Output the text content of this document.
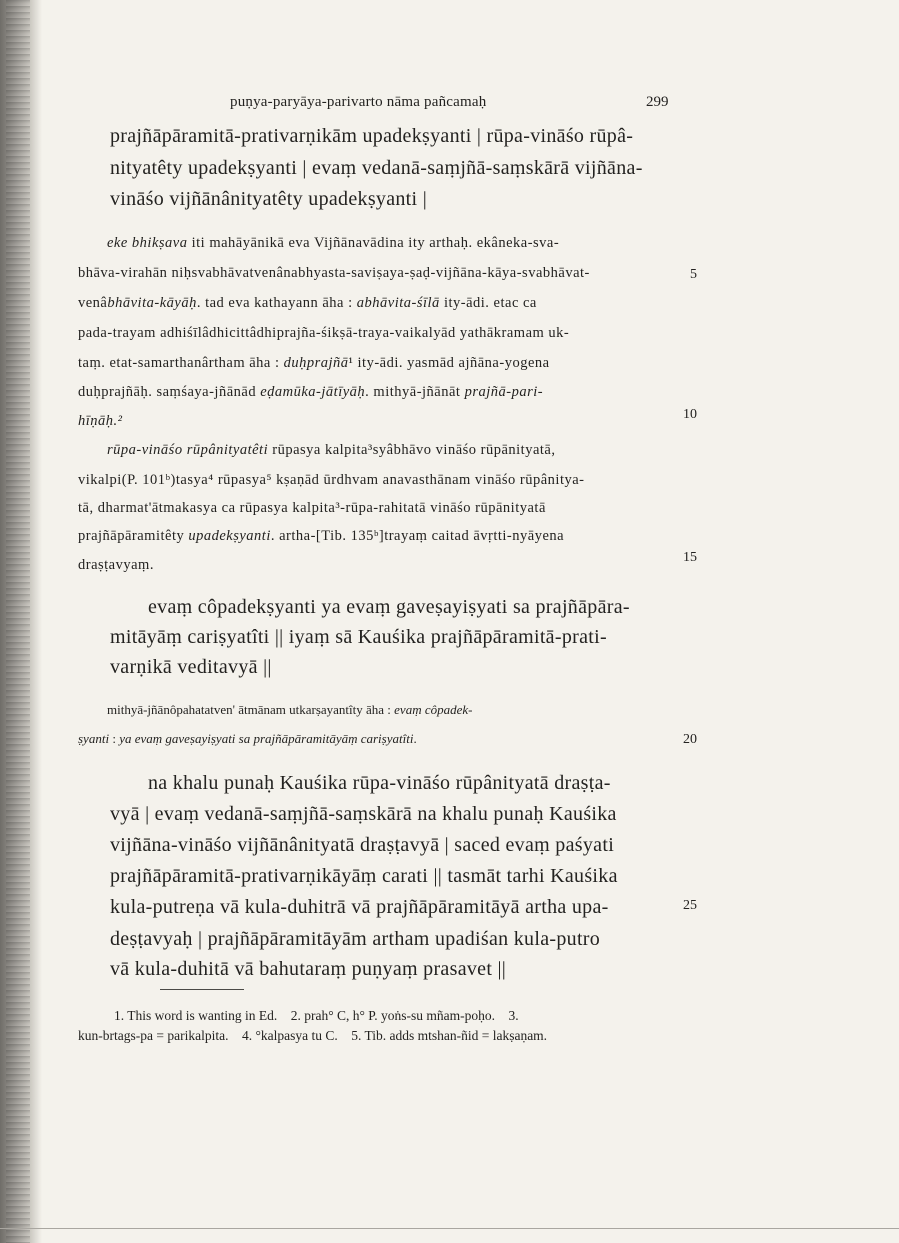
puṇya-paryāya-parivarto nāma pañcamaḥ	299
prajñāpāramitā-prativarṇikām upadekṣyanti | rūpa-vināśo rūpâ-
nityatêty upadekṣyanti | evaṃ vedanā-saṃjñā-saṃskārā vijñāna-
vināśo vijñānânityatêty upadekṣyanti |
eke bhikṣava iti mahāyānikā eva Vijñānavādina ity arthaḥ. ekâneka-sva-
bhāva-virahān niḥsvabhāvatvenânabhyasta-saviṣaya-ṣaḍ-vijñāna-kāya-svabhāvat-
venâbhāvita-kāyāḥ. tad eva kathayann āha : abhāvita-śīlā ity-ādi. etac ca
pada-trayam adhiśīlâdhicittâdhiprajña-śikṣā-traya-vaikalyād yathākramam uk-
taṃ. etat-samarthanârtham āha : duḥprajñā¹ ity-ādi. yasmād ajñāna-yogena
duḥprajñāḥ. saṃśaya-jñānād eḍamūka-jātīyāḥ. mithyā-jñānāt prajñā-pari-
hīṇāḥ.²
rūpa-vināśo rūpânityatêti rūpasya kalpita³syâbhāvo vināśo rūpānityatā,
vikalpi(P. 101ᵇ)tasya⁴ rūpasya⁵ kṣaṇād ūrdhvam anavasthānam vināśo rūpânitya-
tā, dharmat'ātmakasya ca rūpasya kalpita³-rūpa-rahitatā vināśo rūpānityatā
prajñāpāramitêty upadekṣyanti. artha-[Tib. 135ᵇ]trayaṃ caitad āvṛtti-nyāyena
draṣṭavyaṃ.
evaṃ côpadekṣyanti ya evaṃ gaveṣayiṣyati sa prajñāpāra-
mitāyāṃ cariṣyatîti || iyaṃ sā Kauśika prajñāpāramitā-prati-
varṇikā veditavyā ||
mithyā-jñānôpahatatven' ātmānam utkarṣayantîty āha : evaṃ côpadek-
ṣyanti : ya evaṃ gaveṣayiṣyati sa prajñāpāramitāyāṃ cariṣyatîti.
na khalu punaḥ Kauśika rūpa-vināśo rūpânityatā draṣṭa-
vyā | evaṃ vedanā-saṃjñā-saṃskārā na khalu punaḥ Kauśika
vijñāna-vināśo vijñānânityatā draṣṭavyā | saced evaṃ paśyati
prajñāpāramitā-prativarṇikāyāṃ carati || tasmāt tarhi Kauśika
kula-putreṇa vā kula-duhitrā vā prajñāpāramitāyā artha upa-
deṣṭavyaḥ | prajñāpāramitāyām artham upadiśan kula-putro
vā kula-duhitā vā bahutaraṃ puṇyaṃ prasavet ||
5
10
15
20
25
1. This word is wanting in Ed.    2. prah° C, h° P. yoṅs-su mñam-poḥo.    3.
kun-brtags-pa = parikalpita.    4. °kalpasya tu C.    5. Tib. adds mtshan-ñid = lakṣaṇam.
